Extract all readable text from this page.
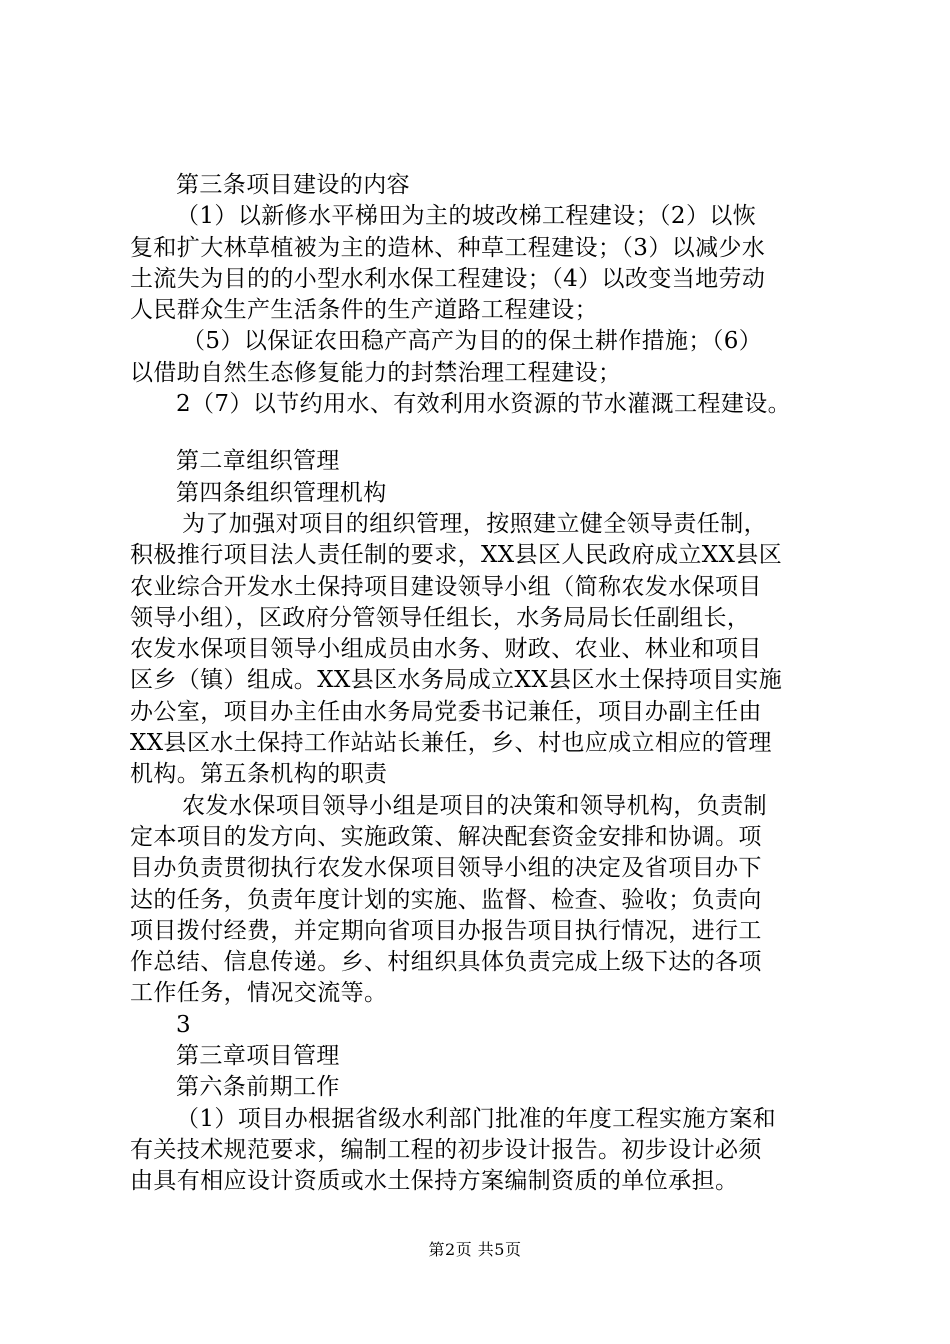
第三条项目建设的内容
（1）以新修水平梯田为主的坡改梯工程建设；（2）以恢
复和扩大林草植被为主的造林、种草工程建设；（3）以减少水
土流失为目的的小型水利水保工程建设；（4）以改变当地劳动
人民群众生产生活条件的生产道路工程建设；
（5）以保证农田稳产高产为目的的保土耕作措施；（6）
以借助自然生态修复能力的封禁治理工程建设；
2（7）以节约用水、有效利用水资源的节水灌溉工程建设。
第二章组织管理
第四条组织管理机构
为了加强对项目的组织管理，按照建立健全领导责任制，
积极推行项目法人责任制的要求，XX县区人民政府成立XX县区
农业综合开发水土保持项目建设领导小组（简称农发水保项目
领导小组），区政府分管领导任组长，水务局局长任副组长，
农发水保项目领导小组成员由水务、财政、农业、林业和项目
区乡（镇）组成。XX县区水务局成立XX县区水土保持项目实施
办公室，项目办主任由水务局党委书记兼任，项目办副主任由
XX县区水土保持工作站站长兼任，乡、村也应成立相应的管理
机构。第五条机构的职责
农发水保项目领导小组是项目的决策和领导机构，负责制
定本项目的发方向、实施政策、解决配套资金安排和协调。项
目办负责贯彻执行农发水保项目领导小组的决定及省项目办下
达的任务，负责年度计划的实施、监督、检查、验收；负责向
项目拨付经费，并定期向省项目办报告项目执行情况，进行工
作总结、信息传递。乡、村组织具体负责完成上级下达的各项
工作任务，情况交流等。
3
第三章项目管理
第六条前期工作
（1）项目办根据省级水利部门批准的年度工程实施方案和
有关技术规范要求，编制工程的初步设计报告。初步设计必须
由具有相应设计资质或水土保持方案编制资质的单位承担。
第2页 共5页
